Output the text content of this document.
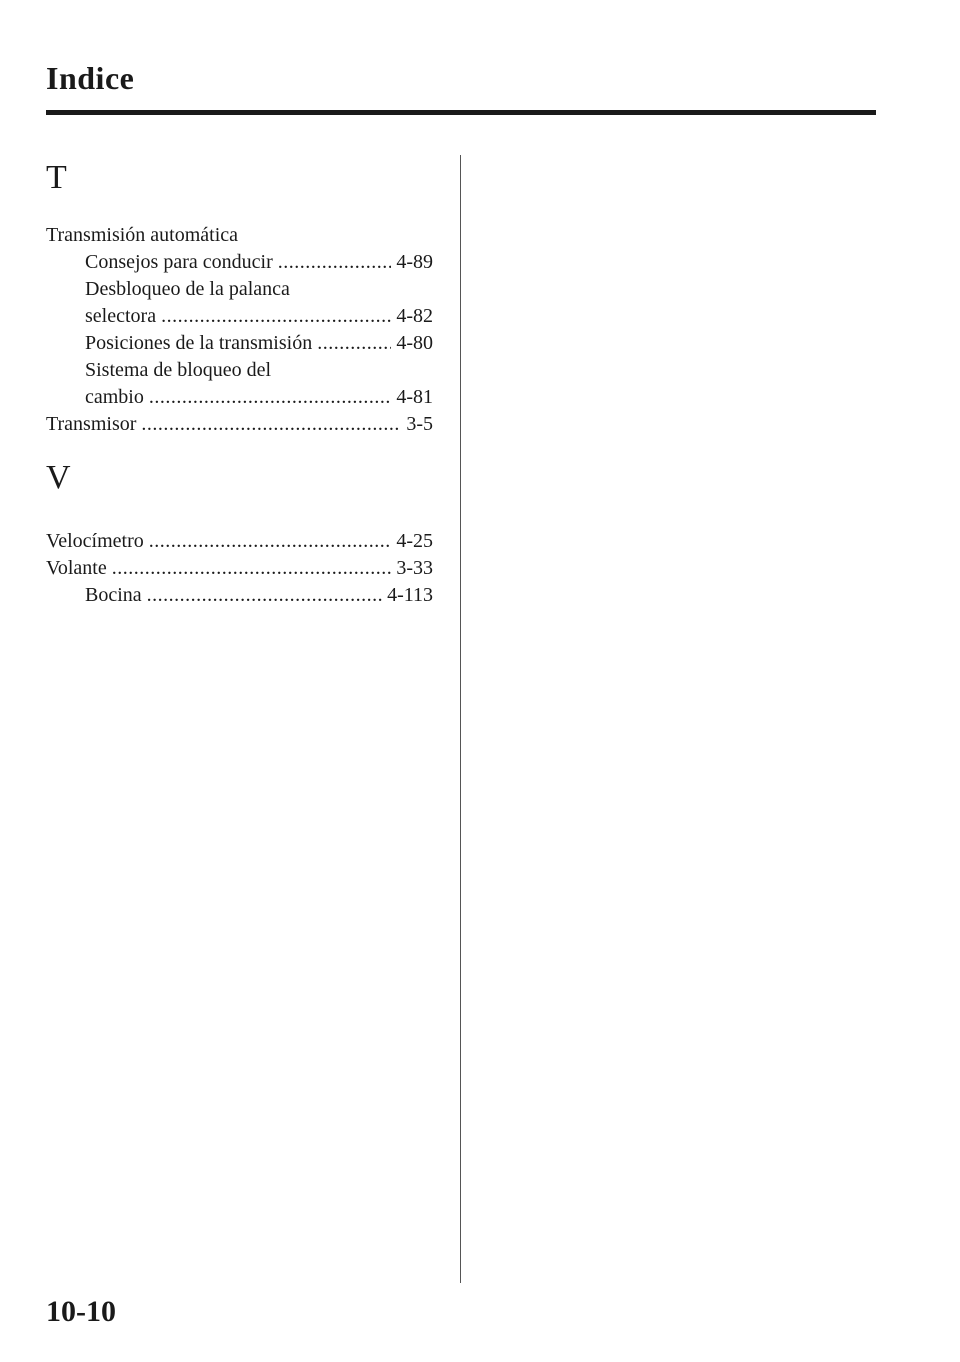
Indice
T
Transmisión automática
Consejos para conducir .....	4-89
Desbloqueo de la palanca
selectora .....	4-82
Posiciones de la transmisión .....	4-80
Sistema de bloqueo del
cambio .....	4-81
Transmisor .....	3-5
V
Velocímetro .....	4-25
Volante .....	3-33
Bocina .....	4-113
10-10
